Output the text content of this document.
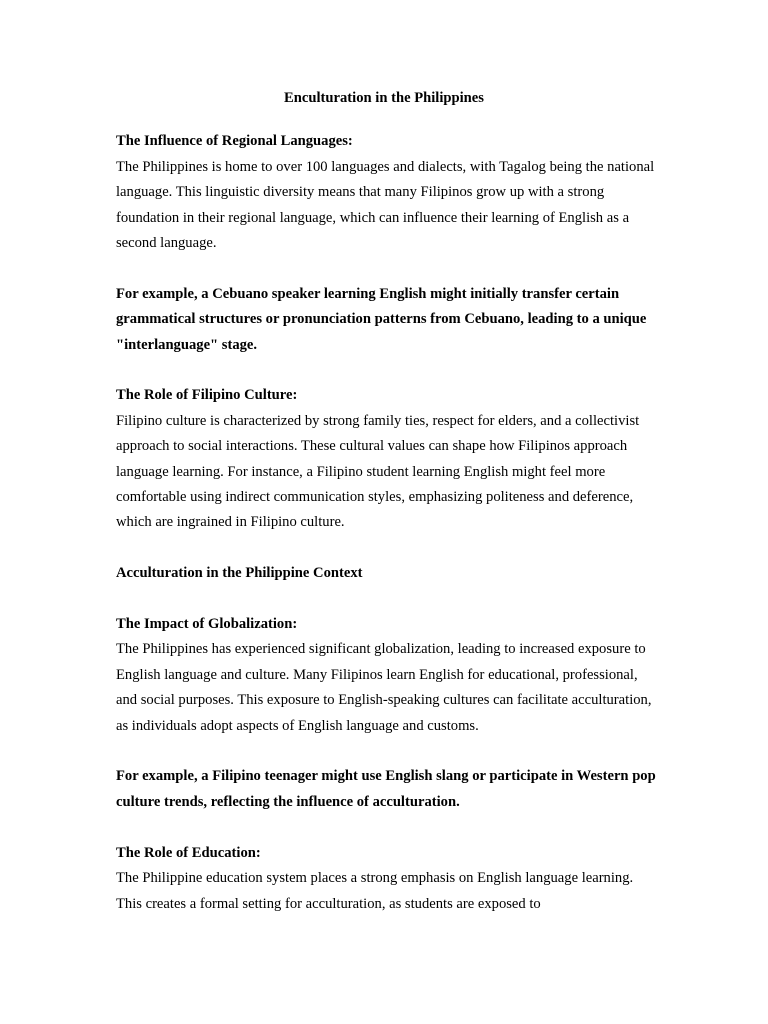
Enculturation in the Philippines

The Influence of Regional Languages:

The Philippines is home to over 100 languages and dialects, with Tagalog being the national language. This linguistic diversity means that many Filipinos grow up with a strong foundation in their regional language, which can influence their learning of English as a second language.

For example, a Cebuano speaker learning English might initially transfer certain grammatical structures or pronunciation patterns from Cebuano, leading to a unique "interlanguage" stage.

The Role of Filipino Culture:

Filipino culture is characterized by strong family ties, respect for elders, and a collectivist approach to social interactions. These cultural values can shape how Filipinos approach language learning. For instance, a Filipino student learning English might feel more comfortable using indirect communication styles, emphasizing politeness and deference, which are ingrained in Filipino culture.

Acculturation in the Philippine Context

The Impact of Globalization:

The Philippines has experienced significant globalization, leading to increased exposure to English language and culture. Many Filipinos learn English for educational, professional, and social purposes. This exposure to English-speaking cultures can facilitate acculturation, as individuals adopt aspects of English language and customs.

For example, a Filipino teenager might use English slang or participate in Western pop culture trends, reflecting the influence of acculturation.

The Role of Education:

The Philippine education system places a strong emphasis on English language learning. This creates a formal setting for acculturation, as students are exposed to
